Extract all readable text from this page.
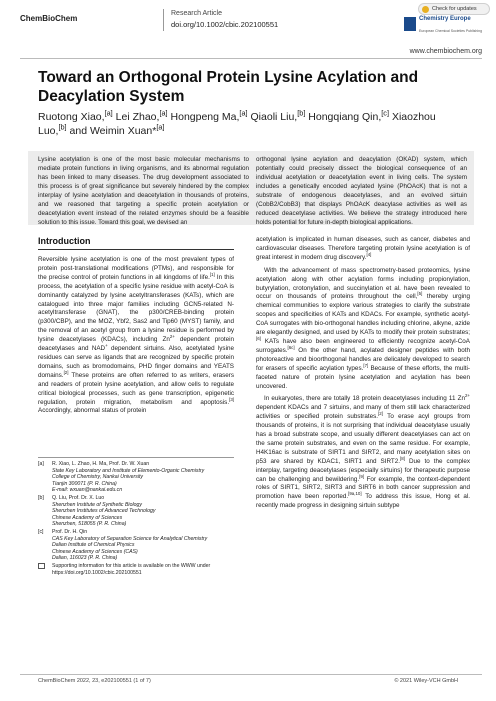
ChemBioChem
Research Article
doi.org/10.1002/cbic.202100551
Check for updates
Chemistry Europe
European Chemical Societies Publishing
www.chembiochem.org
Toward an Orthogonal Protein Lysine Acylation and Deacylation System
Ruotong Xiao,[a] Lei Zhao,[a] Hongpeng Ma,[a] Qiaoli Liu,[b] Hongqiang Qin,[c] Xiaozhou Luo,[b] and Weimin Xuan*[a]
Lysine acetylation is one of the most basic molecular mechanisms to mediate protein functions in living organisms, and its abnormal regulation has been linked to many diseases. The drug development associated to this process is of great significance but severely hindered by the complex interplay of lysine acetylation and deacetylation in thousands of proteins, and we reasoned that targeting a specific protein acetylation or deacetylation event instead of the related enzymes should be a feasible solution to this issue. Toward this goal, we devised an
orthogonal lysine acylation and deacylation (OKAD) system, which potentially could precisely dissect the biological consequence of an individual acetylation or deacetylation event in living cells. The system includes a genetically encoded acylated lysine (PhOAcK) that is not a substrate of endogenous deacetylases, and an evolved sirtuin (CobB2/CobB3) that displays PhOAcK deacylase activities as well as reduced deacetylase activities. We believe the strategy introduced here holds potential for future in-depth biological applications.
Introduction
Reversible lysine acetylation is one of the most prevalent types of protein post-translational modifications (PTMs), and responsible for the precise control of protein functions in all kingdoms of life.[1] In this process, the acetylation of a specific lysine residue with acetyl-CoA is dominantly catalyzed by lysine acetyltransferases (KATs), which are catalogued into three major families including GCN5-related N-acetyltransferase (GNAT), the p300/CREB-binding protein (p300/CBP), and the MOZ, Ybf2, Sas2 and Tip60 (MYST) family, and the removal of an acetyl group from a lysine residue is performed by lysine deacetylases (KDACs), including $Zn^{2+}$ dependent protein deacetylases and NAD+ dependent sirtuins. Also, acetylated lysine residues can serve as ligands that are recognized by specific protein domains, such as bromodomains, PHD finger domains and YEATS domains.[2] These proteins are often referred to as writers, erasers and readers of protein lysine acetylation, and allow cells to regulate critical biological processes, such as gene transcription, epigenetic regulation, protein migration, metabolism and apoptosis.[3] Accordingly, abnormal status of protein
acetylation is implicated in human diseases, such as cancer, diabetes and cardiovascular diseases. Therefore targeting protein lysine acetylation is of great interest in modern drug discovery.[4]
With the advancement of mass spectrometry-based proteomics, lysine acetylation along with other acylation forms including propionylation, butyrylation, crotonylation, and succinylation et al. have been revealed to occur on thousands of proteins throughout the cell,[5] thereby urging chemical communities to explore various strategies to clarify the substrate scopes and specificities of KATs and KDACs. For example, synthetic acetyl-CoA surrogates with bio-orthogonal handles including chlorine, alkyne, azide are elegantly designed, and used by KATs to modify their protein substrates;[6] KATs have also been engineered to efficiently recognize acetyl-CoA surrogates.[6c] On the other hand, acylated designer peptides with both photoreactive and bioorthogonal handles are delicately developed to search for erasers of specific acylation types.[7] Because of these efforts, the multi-faceted nature of protein lysine acetylation and acylation has been uncovered.
In eukaryotes, there are totally 18 protein deacetylases including 11 $Zn^{2+}$ dependent KDACs and 7 sirtuins, and many of them still lack characterized activities or specified protein substrates.[2] To erase acyl groups from thousands of proteins, it is not surprising that individual deacetylase usually has a broad substrate scope, and usually different deacetylases can act on the same protein substrates, and even on the same residue. For example, H4K16ac is substrate of SIRT1 and SIRT2, and many acetylation sites on p53 are shared by KDAC1, SIRT1 and SIRT2.[8] Due to the complex interplay, targeting deacetylases (especially sirtuins) for therapeutic purpose can be challenging and bewildering.[9] For example, the context-dependent roles of SIRT1, SIRT2, SIRT3 and SIRT6 in both cancer suppression and promotion have been reported.[9a,10] To address this issue, Hong et al. recently made progress in designing sirtuin subtype
[a]	R. Xiao, L. Zhao, H. Ma, Prof. Dr. W. Xuan
State Key Laboratory and Institute of Elemento-Organic Chemistry
College of Chemistry, Nankai University
Tianjin 300071 (P. R. China)
E-mail: wxuan@nankai.edu.cn
[b]	Q. Liu, Prof. Dr. X. Luo
Shenzhen Institute of Synthetic Biology
Shenzhen Institutes of Advanced Technology
Chinese Academy of Sciences
Shenzhen, 518055 (P. R. China)
[c]	Prof. Dr. H. Qin
CAS Key Laboratory of Separation Science for Analytical Chemistry
Dalian Institute of Chemical Physics
Chinese Academy of Sciences (CAS)
Dalian, 116023 (P. R. China)
Supporting information for this article is available on the WWW under https://doi.org/10.1002/cbic.202100551
ChemBioChem 2022, 23, e202100551 (1 of 7)	© 2021 Wiley-VCH GmbH
